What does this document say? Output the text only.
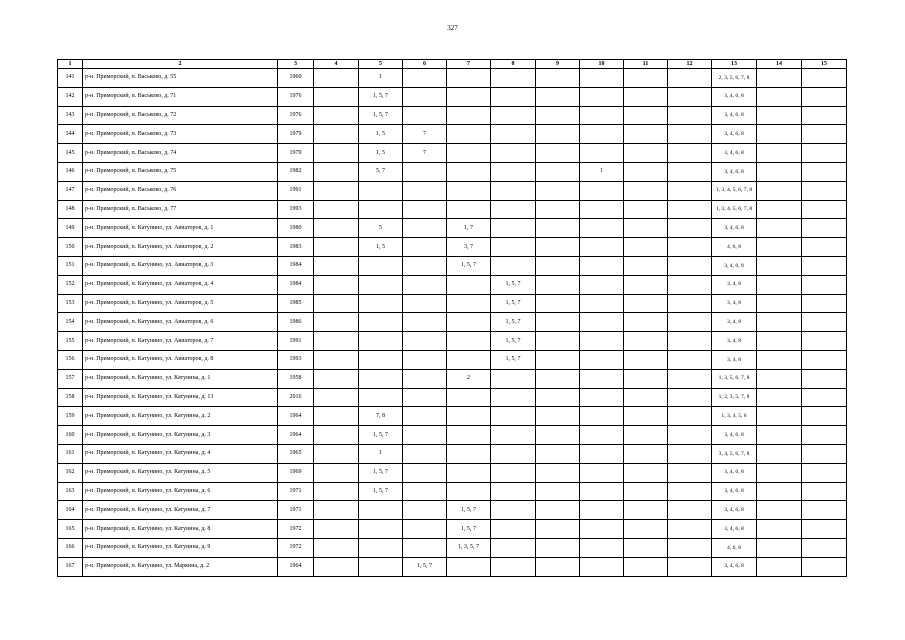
327
1	2	3	4	5	6	7	8	9	10	11	12	13	14	15
141	р-н. Приморский, п. Васьково, д. 55	1960		1								2, 3, 5, 6, 7, 8		
142	р-н. Приморский, п. Васьково, д. 71	1976		1, 5, 7								3, 4, 6, 8		
143	р-н. Приморский, п. Васьково, д. 72	1976		1, 5, 7								3, 4, 6, 8		
144	р-н. Приморский, п. Васьково, д. 73	1979		1, 5	7							3, 4, 6, 8		
145	р-н. Приморский, п. Васьково, д. 74	1979		1, 5	7							3, 4, 6, 8		
146	р-н. Приморский, п. Васьково, д. 75	1982		5, 7					1			3, 4, 6, 8		
147	р-н. Приморский, п. Васьково, д. 76	1991										1, 3, 4, 5, 6, 7, 8		
148	р-н. Приморский, п. Васьково, д. 77	1993										1, 3, 4, 5, 6, 7, 8		
149	р-н. Приморский, п. Катунино, ул. Авиаторов, д. 1	1980		5		1, 7						3, 4, 6, 8		
150	р-н. Приморский, п. Катунино, ул. Авиаторов, д. 2	1983		1, 5		3, 7						4, 6, 8		
151	р-н. Приморский, п. Катунино, ул. Авиаторов, д. 3	1984				1, 5, 7						3, 4, 6, 8		
152	р-н. Приморский, п. Катунино, ул. Авиаторов, д. 4	1984					1, 5, 7					3, 4, 8		
153	р-н. Приморский, п. Катунино, ул. Авиаторов, д. 5	1985					1, 5, 7					3, 4, 8		
154	р-н. Приморский, п. Катунино, ул. Авиаторов, д. 6	1986					1, 5, 7					3, 4, 8		
155	р-н. Приморский, п. Катунино, ул. Авиаторов, д. 7	1991					1, 5, 7					3, 4, 8		
156	р-н. Приморский, п. Катунино, ул. Авиаторов, д. 8	1993					1, 5, 7					3, 4, 8		
157	р-н. Приморский, п. Катунино, ул. Катунина, д. 1	1958				2						1, 3, 5, 6, 7, 8		
158	р-н. Приморский, п. Катунино, ул. Катунина, д. 13	2016										1, 2, 3, 5, 7, 8		
159	р-н. Приморский, п. Катунино, ул. Катунина, д. 2	1964		7, 8								1, 3, 4, 5, 6		
160	р-н. Приморский, п. Катунино, ул. Катунина, д. 3	1964		1, 5, 7								3, 4, 6, 8		
161	р-н. Приморский, п. Катунино, ул. Катунина, д. 4	1965		1								3, 4, 5, 6, 7, 8		
162	р-н. Приморский, п. Катунино, ул. Катунина, д. 5	1969		1, 5, 7								3, 4, 6, 8		
163	р-н. Приморский, п. Катунино, ул. Катунина, д. 6	1971		1, 5, 7								3, 4, 6, 8		
164	р-н. Приморский, п. Катунино, ул. Катунина, д. 7	1971				1, 5, 7						3, 4, 6, 8		
165	р-н. Приморский, п. Катунино, ул. Катунина, д. 8	1972				1, 5, 7						3, 4, 6, 8		
166	р-н. Приморский, п. Катунино, ул. Катунина, д. 9	1972				1, 3, 5, 7						4, 6, 8		
167	р-н. Приморский, п. Катунино, ул. Маркина, д. 2	1964			1, 5, 7							3, 4, 6, 8		
